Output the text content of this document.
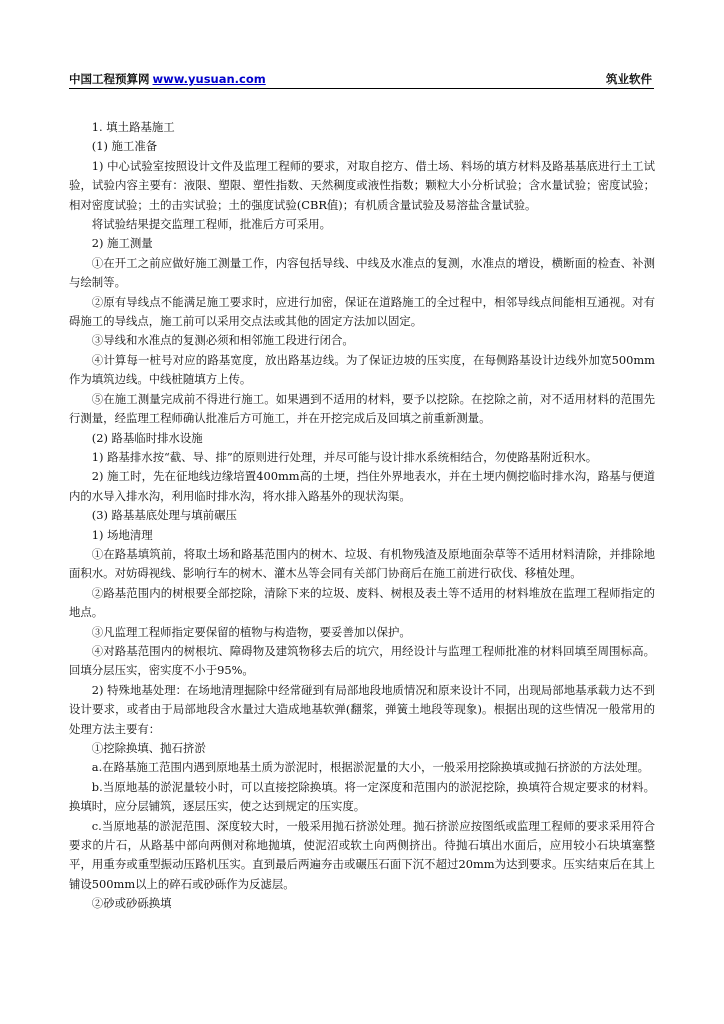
中国工程预算网 www.yusuan.com	筑业软件

1. 填土路基施工

(1) 施工准备

1) 中心试验室按照设计文件及监理工程师的要求，对取自挖方、借土场、料场的填方材料及路基基底进行土工试验，试验内容主要有：液限、塑限、塑性指数、天然稠度或液性指数；颗粒大小分析试验；含水量试验；密度试验；相对密度试验；土的击实试验；土的强度试验(CBR值)；有机质含量试验及易溶盐含量试验。

将试验结果提交监理工程师，批准后方可采用。

2) 施工测量

①在开工之前应做好施工测量工作，内容包括导线、中线及水准点的复测，水准点的增设，横断面的检查、补测与绘制等。

②原有导线点不能满足施工要求时，应进行加密，保证在道路施工的全过程中，相邻导线点间能相互通视。对有碍施工的导线点，施工前可以采用交点法或其他的固定方法加以固定。

③导线和水准点的复测必须和相邻施工段进行闭合。

④计算每一桩号对应的路基宽度，放出路基边线。为了保证边坡的压实度，在每侧路基设计边线外加宽500mm作为填筑边线。中线桩随填方上传。

⑤在施工测量完成前不得进行施工。如果遇到不适用的材料，要予以挖除。在挖除之前，对不适用材料的范围先行测量，经监理工程师确认批准后方可施工，并在开挖完成后及回填之前重新测量。

(2) 路基临时排水设施

1) 路基排水按“截、导、排”的原则进行处理，并尽可能与设计排水系统相结合，勿使路基附近积水。

2) 施工时，先在征地线边缘培置400mm高的土埂，挡住外界地表水，并在土埂内侧挖临时排水沟，路基与便道内的水导入排水沟，利用临时排水沟，将水排入路基外的现状沟渠。

(3) 路基基底处理与填前碾压

1) 场地清理

①在路基填筑前，将取土场和路基范围内的树木、垃圾、有机物残渣及原地面杂草等不适用材料清除，并排除地面积水。对妨碍视线、影响行车的树木、灌木丛等会同有关部门协商后在施工前进行砍伐、移植处理。

②路基范围内的树根要全部挖除，清除下来的垃圾、废料、树根及表土等不适用的材料堆放在监理工程师指定的地点。

③凡监理工程师指定要保留的植物与构造物，要妥善加以保护。

④对路基范围内的树根坑、障碍物及建筑物移去后的坑穴，用经设计与监理工程师批准的材料回填至周围标高。回填分层压实，密实度不小于95%。

2) 特殊地基处理：在场地清理掘除中经常碰到有局部地段地质情况和原来设计不同，出现局部地基承载力达不到设计要求，或者由于局部地段含水量过大造成地基软弹(翻浆，弹簧土地段等现象)。根据出现的这些情况一般常用的处理方法主要有：

①挖除换填、抛石挤淤

a.在路基施工范围内遇到原地基土质为淤泥时，根据淤泥量的大小，一般采用挖除换填或抛石挤淤的方法处理。

b.当原地基的淤泥量较小时，可以直接挖除换填。将一定深度和范围内的淤泥挖除，换填符合规定要求的材料。换填时，应分层铺筑，逐层压实，使之达到规定的压实度。

c.当原地基的淤泥范围、深度较大时，一般采用抛石挤淤处理。抛石挤淤应按图纸或监理工程师的要求采用符合要求的片石，从路基中部向两侧对称地抛填，使泥沼或软土向两侧挤出。待抛石填出水面后，应用较小石块填塞整平，用重夯或重型振动压路机压实。直到最后两遍夯击或碾压石面下沉不超过20mm为达到要求。压实结束后在其上铺设500mm以上的碎石或砂砾作为反滤层。

②砂或砂砾换填
